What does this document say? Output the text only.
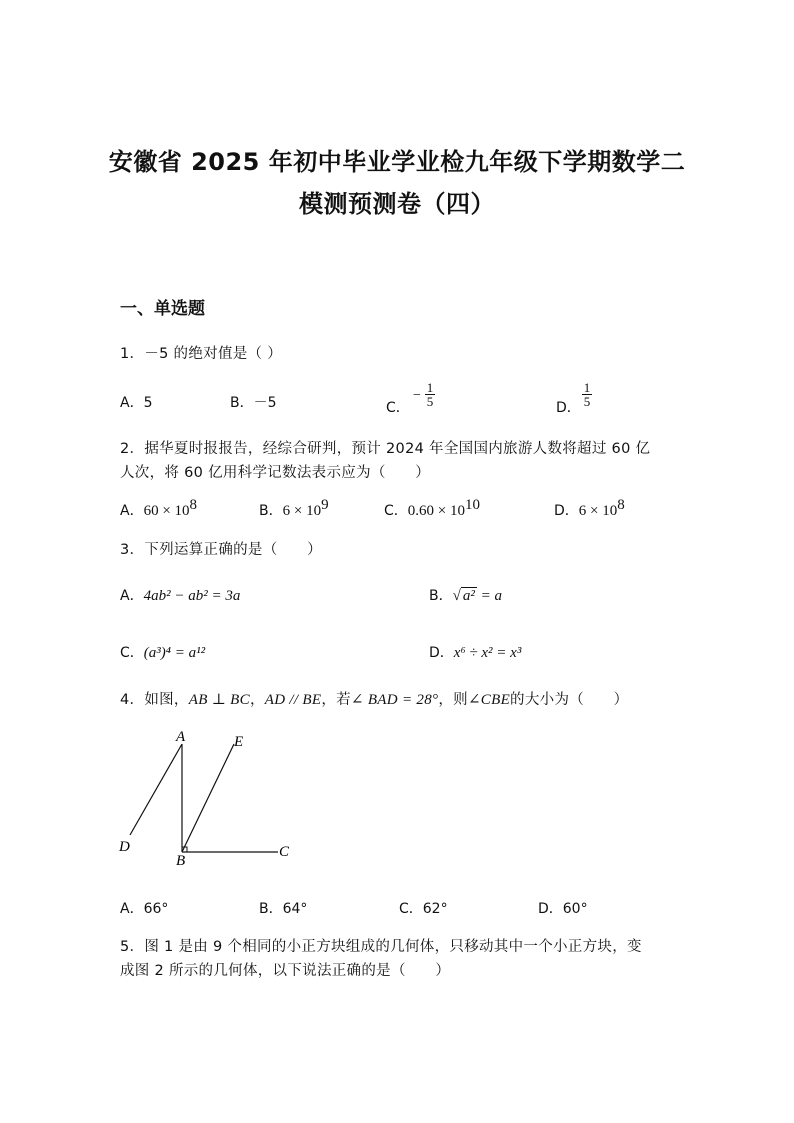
安徽省 2025 年初中毕业学业检九年级下学期数学二
模测预测卷（四）
一、单选题
1．－5 的绝对值是（ ）
A．5	B．－5	C．
−
1
5	D．
1
5
2．据华夏时报报告，经综合研判，预计 2024 年全国国内旅游人数将超过 60 亿
人次，将 60 亿用科学记数法表示应为（　　）
A．$60 \times 10^8$	B．$6 \times 10^9$	C．$0.60 \times 10^{10}$	D．$6 \times 10^8$
3．下列运算正确的是（　　）
A．4ab² − ab² = 3a	B．√ a² = a
C．(a³)⁴ = a¹²	D．x⁶ ÷ x² = x³
4．如图，AB ⊥ BC，AD // BE，若∠ BAD = 28°，则∠CBE的大小为（　　）
A	E
D
B
C
A．66°	B．64°	C．62°	D．60°
5．图 1 是由 9 个相同的小正方块组成的几何体，只移动其中一个小正方块，变
成图 2 所示的几何体，以下说法正确的是（　　）
